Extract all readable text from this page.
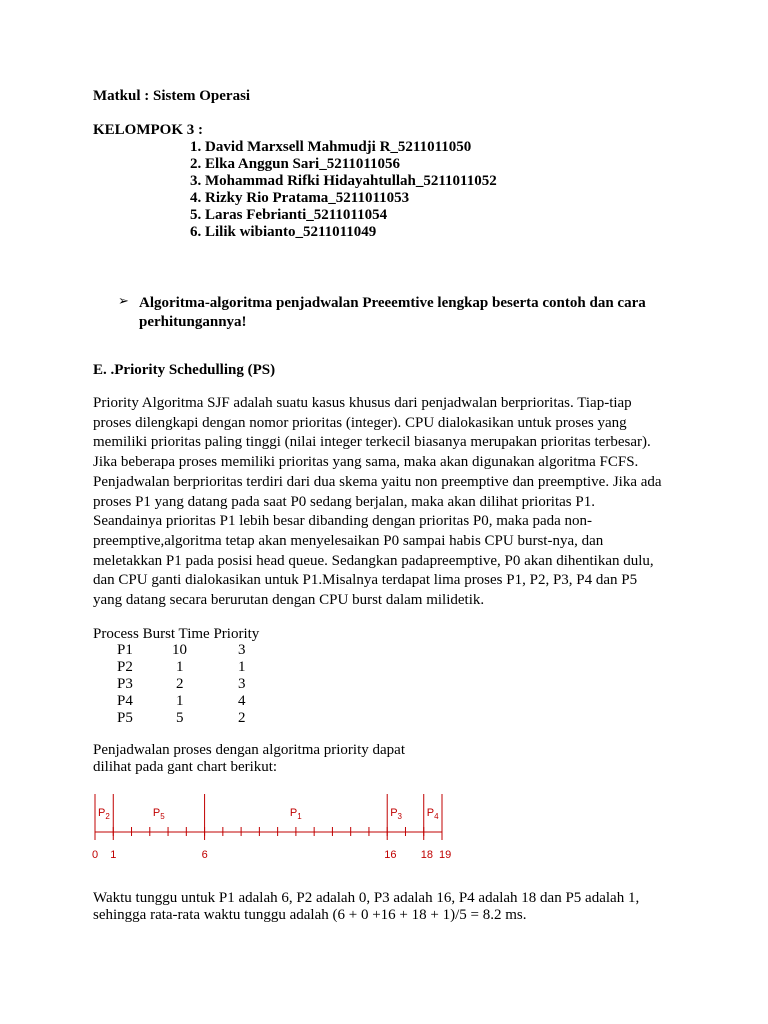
Matkul : Sistem Operasi
KELOMPOK 3 :
1. David Marxsell Mahmudji R_5211011050
2. Elka Anggun Sari_5211011056
3. Mohammad Rifki Hidayahtullah_5211011052
4. Rizky Rio Pratama_5211011053
5. Laras Febrianti_5211011054
6. Lilik wibianto_5211011049
➢ Algoritma-algoritma penjadwalan Preeemtive lengkap beserta contoh dan cara
perhitungannya!
E. .Priority Schedulling (PS)

Priority Algoritma SJF adalah suatu kasus khusus dari penjadwalan berprioritas. Tiap-tiap

proses dilengkapi dengan nomor prioritas (integer). CPU dialokasikan untuk proses yang

memiliki prioritas paling tinggi (nilai integer terkecil biasanya merupakan prioritas terbesar).

Jika beberapa proses memiliki prioritas yang sama, maka akan digunakan algoritma FCFS.

Penjadwalan berprioritas terdiri dari dua skema yaitu non preemptive dan preemptive. Jika ada

proses P1 yang datang pada saat P0 sedang berjalan, maka akan dilihat prioritas P1.

Seandainya prioritas P1 lebih besar dibanding dengan prioritas P0, maka pada non-

preemptive,algoritma tetap akan menyelesaikan P0 sampai habis CPU burst-nya, dan

meletakkan P1 pada posisi head queue. Sedangkan padapreemptive, P0 akan dihentikan dulu,

dan CPU ganti dialokasikan untuk P1.Misalnya terdapat lima proses P1, P2, P3, P4 dan P5

yang datang secara berurutan dengan CPU burst dalam milidetik.

Process Burst Time Priority
P1	10	3
P2	1	1
P3	2	3
P4	1	4
P5	5	2
Penjadwalan proses dengan algoritma priority dapat
dilihat pada gant chart berikut:
$P_2$	$P_5$	$P_1$	$P_3$ $P_4$
0 1	6	16 18 19
Waktu tunggu untuk P1 adalah 6, P2 adalah 0, P3 adalah 16, P4 adalah 18 dan P5 adalah 1,
sehingga rata-rata waktu tunggu adalah (6 + 0 +16 + 18 + 1)/5 = 8.2 ms.
